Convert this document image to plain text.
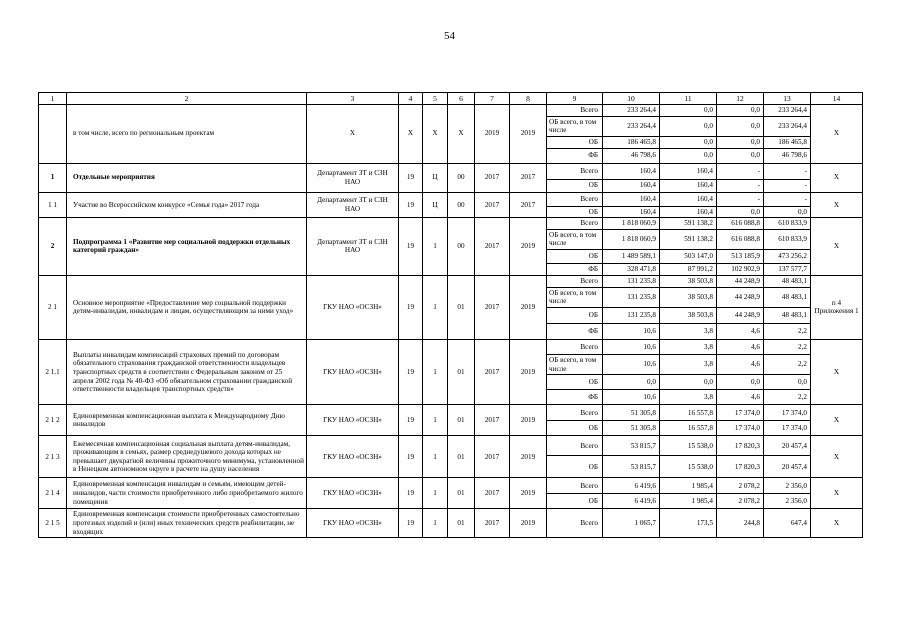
54
1	2	3	4	5	6	7	8	9	10	11	12	13	14
	в том числе, всего по региональным проектам	X	X	X	X	2019	2019	Всего	233 264,4	0,0	0,0	233 264,4	X
								ОБ всего, в том числе	233 264,4	0,0	0,0	233 264,4	
								ОБ	186 465,8	0,0	0,0	186 465,8	
								ФБ	46 798,6	0,0	0,0	46 798,6	
1	Отдельные мероприятия	Департамент ЗТ и СЗН НАО	19	Ц	00	2017	2017	Всего	160,4	160,4	-	-	X
								ОБ	160,4	160,4	-	-	
1 1	Участие во Всероссийском конкурсе «Семья года» 2017 года	Департамент ЗТ и СЗН НАО	19	Ц	00	2017	2017	Всего	160,4	160,4	-	-	X
								ОБ	160,4	160,4	0,0	0,0	
2	Подпрограмма 1 «Развитие мер социальной поддержки отдельных категорий граждан»	Департамент ЗТ и СЗН НАО	19	1	00	2017	2019	Всего	1 818 060,9	591 138,2	616 088,8	610 833,9	X
								ОБ всего, в том числе	1 818 060,9	591 138,2	616 088,8	610 833,9	
								ОБ	1 489 589,1	503 147,0	513 185,9	473 256,2	
								ФБ	328 471,8	87 991,2	102 902,9	137 577,7	
2 1	Основное мероприятие «Предоставление мер социальной поддержки детям-инвалидам, инвалидам и лицам, осуществляющим за ними уход»	ГКУ НАО «ОСЗН»	19	1	01	2017	2019	Всего	131 235,8	38 503,8	44 248,9	48 483,1	п 4 Приложения 1
								ОБ всего, в том числе	131 235,8	38 503,8	44 248,9	48 483,1	
								ОБ	131 235,8	38 503,8	44 248,9	48 483,1	
								ФБ	10,6	3,8	4,6	2,2	
2 1.1	Выплаты инвалидам компенсаций страховых премий по договорам обязательного страхования гражданской ответственности владельцев транспортных средств в соответствии с Федеральным законом от 25 апреля 2002 года № 40-ФЗ «Об обязательном страховании гражданской ответственности владельцев транспортных средств»	ГКУ НАО «ОСЗН»	19	1	01	2017	2019	Всего	10,6	3,8	4,6	2,2	X
								ОБ всего, в том числе	10,6	3,8	4,6	2,2	
								ОБ	0,0	0,0	0,0	0,0	
								ФБ	10,6	3,8	4,6	2,2	
2 1 2	Единовременная компенсационная выплата к Международному Дню инвалидов	ГКУ НАО «ОСЗН»	19	1	01	2017	2019	Всего	51 305,8	16 557,8	17 374,0	17 374,0	X
								ОБ	51 305,8	16 557,8	17 374,0	17 374,0	
2 1 3	Ежемесячная компенсационная социальная выплата детям-инвалидам, проживающим в семьях, размер среднедушевого дохода которых не превышает двукратной величины прожиточного минимума, установленной в Ненецком автономном округе в расчете на душу населения	ГКУ НАО «ОСЗН»	19	1	01	2017	2019	Всего	53 815,7	15 538,0	17 820,3	20 457,4	X
								ОБ	53 815,7	15 538,0	17 820,3	20 457,4	
2 1 4	Единовременная компенсация инвалидам и семьям, имеющим детей-инвалидов, части стоимости приобретенного либо приобретаемого жилого помещения	ГКУ НАО «ОСЗН»	19	1	01	2017	2019	Всего	6 419,6	1 985,4	2 078,2	2 356,0	X
								ОБ	6 419,6	1 985,4	2 078,2	2 356,0	
2 1 5	Единовременная компенсация стоимости приобретенных самостоятельно протезных изделий и (или) иных технических средств реабилитации, не входящих	ГКУ НАО «ОСЗН»	19	1	01	2017	2019	Всего	1 065,7	173,5	244,8	647,4	X
